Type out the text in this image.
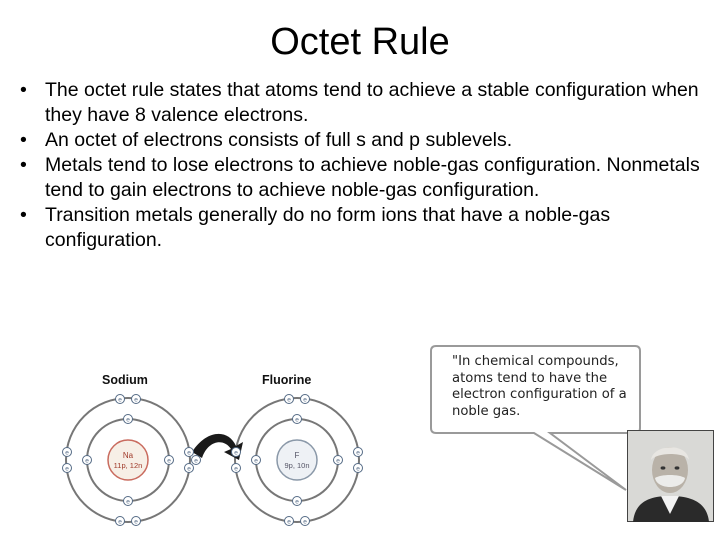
Octet Rule
• The octet rule states that atoms tend to achieve a stable configuration when they have 8 valence electrons.
• An octet of electrons consists of full s and p sublevels.
• Metals tend to lose electrons to achieve noble-gas configuration. Nonmetals tend to gain electrons to achieve noble-gas configuration.
• Transition metals generally do no form ions that have a noble-gas configuration.
Sodium	Fluorine
Na
11p, 12n
F
9p, 10n
e e
e
e
e
e
e e
e
e	e
e
e
e e
e
e
e
e
e e
e
e	e
e

"In chemical compounds, atoms tend to have the electron configuration of a noble gas.
